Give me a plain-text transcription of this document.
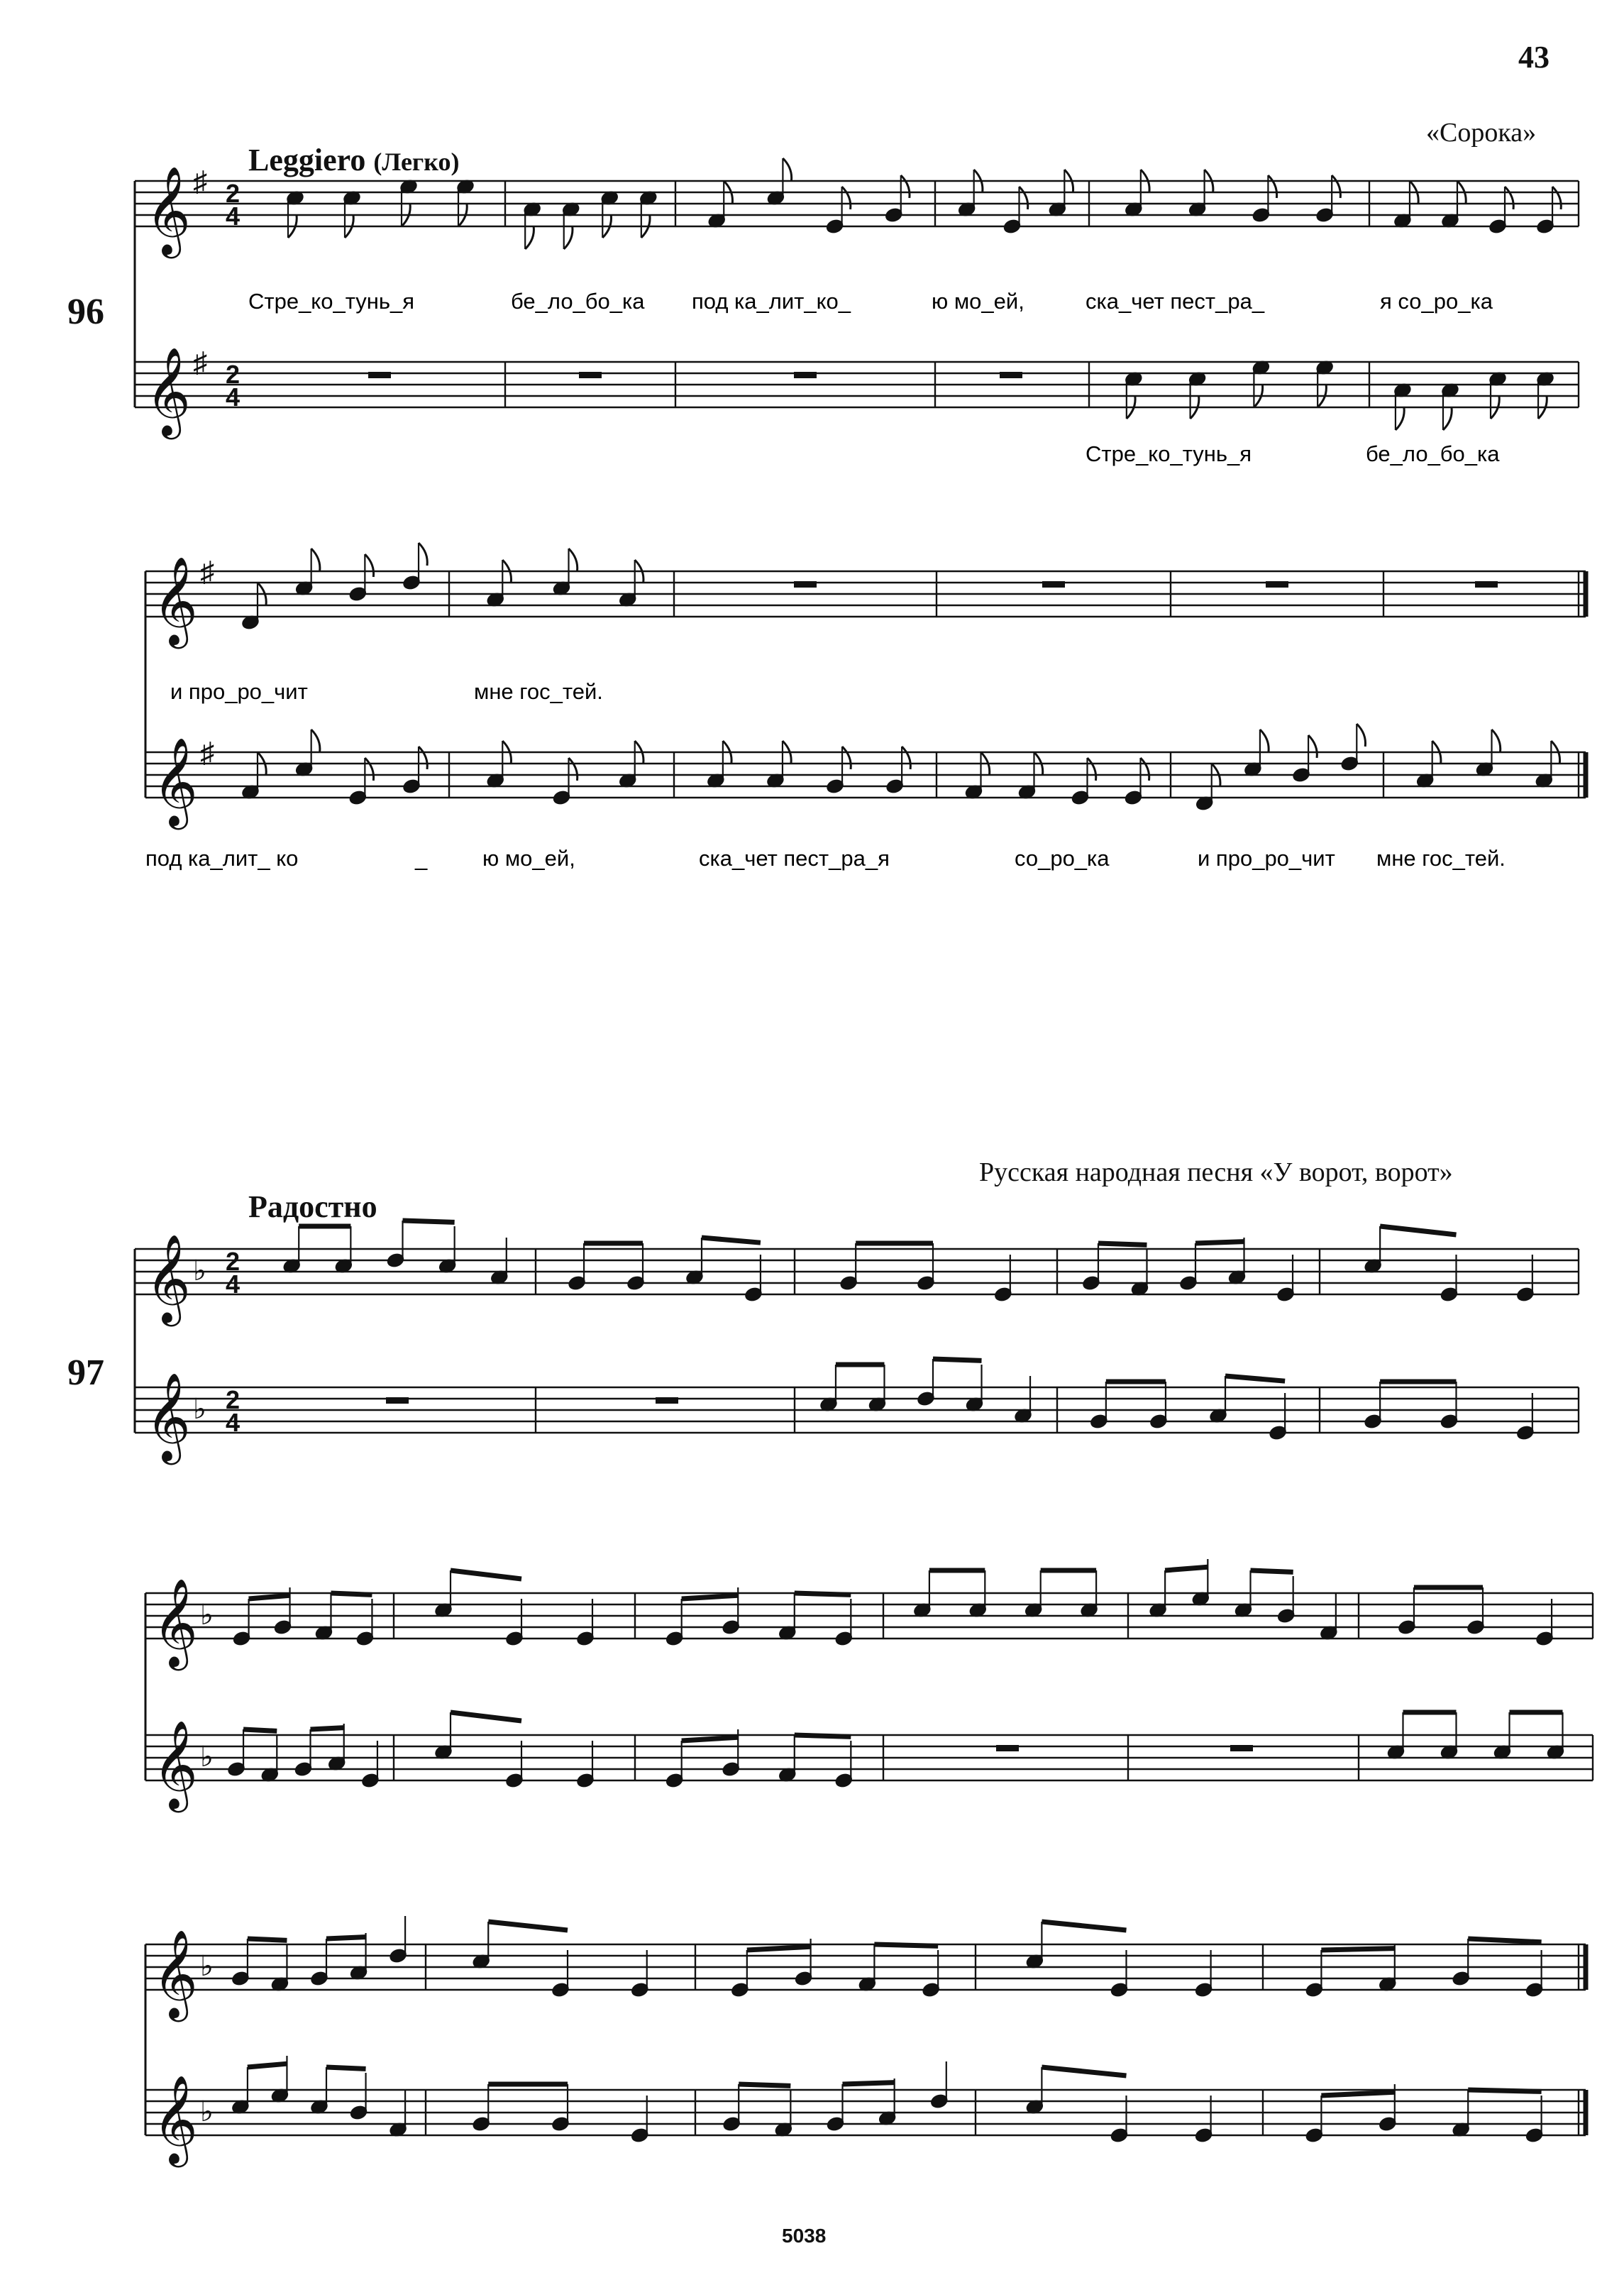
43
«Сорока»
Leggiero (Легко)
96
Русская народная песня «У ворот, ворот»
Радостно
97
5038
𝄞 ♯ 2
4
𝄞 ♯ 2
4
𝄞 ♯
𝄞 ♯
𝄞 ♭ 2
4
𝄞 ♭ 2
4
𝄞 ♭
𝄞 ♭
𝄞 ♭
𝄞 ♭
Стре_ко_тунь_я	бе_ло_бо_ка под ка_лит_ко_	ю мо_ей,	ска_чет пест_ра_	я со_ро_ка
Стре_ко_тунь_я	бе_ло_бо_ка
и про_ро_чит	мне гос_тей.
под ка_лит_ ко	_	ю мо_ей,	ска_чет пест_ра_я	со_ро_ка	и про_ро_чит мне гос_тей.
